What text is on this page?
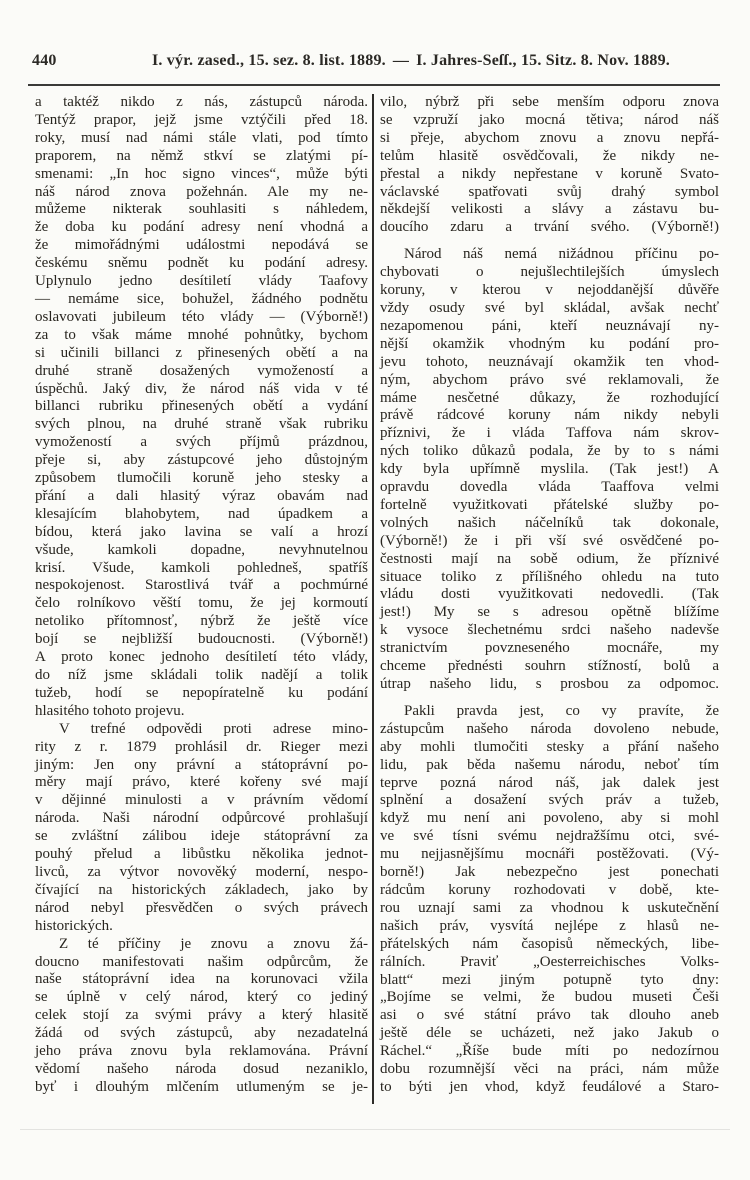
440	I. výr. zased., 15. sez. 8. list. 1889. — I. Jahres-Seſſ., 15. Sitz. 8. Nov. 1889.
a taktéž nikdo z nás, zástupců národa.
Tentýž prapor, jejž jsme vztýčili před 18.
roky, musí nad námi stále vlati, pod tímto
praporem, na němž stkví se zlatými pí-
smenami: „In hoc signo vinces“, může býti
náš národ znova požehnán. Ale my ne-
můžeme nikterak souhlasiti s náhledem,
že doba ku podání adresy není vhodná a
že mimořádnými událostmi nepodává se
českému sněmu podnět ku podání adresy.
Uplynulo jedno desítiletí vlády Taafovy
— nemáme sice, bohužel, žádného podnětu
oslavovati jubileum této vlády — (Výborně!)
za to však máme mnohé pohnůtky, bychom
si učinili billanci z přinesených obětí a na
druhé straně dosažených vymožeností a
úspěchů. Jaký div, že národ náš vida v té
billanci rubriku přinesených obětí a vydání
svých plnou, na druhé straně však rubriku
vymožeností a svých příjmů prázdnou,
přeje si, aby zástupcové jeho důstojným
způsobem tlumočili koruně jeho stesky a
přání a dali hlasitý výraz obavám nad
klesajícím blahobytem, nad úpadkem a
bídou, která jako lavina se valí a hrozí
všude, kamkoli dopadne, nevyhnutelnou
krisí. Všude, kamkoli pohledneš, spatříš
nespokojenost. Starostlivá tvář a pochmúrné
čelo rolníkovo věští tomu, že jej kormoutí
netoliko přítomnosť, nýbrž že ještě více
bojí se nejbližší budoucnosti. (Výborně!)
A proto konec jednoho desítiletí této vlády,
do níž jsme skládali tolik nadějí a tolik
tužeb, hodí se nepopíratelně ku podání
hlasitého tohoto projevu.
V trefné odpovědi proti adrese mino-
rity z r. 1879 prohlásil dr. Rieger mezi
jiným: Jen ony právní a státoprávní po-
měry mají právo, které kořeny své mají
v dějinné minulosti a v právním vědomí
národa. Naši národní odpůrcové prohlašují
se zvláštní zálibou ideje státoprávní za
pouhý přelud a libůstku několika jednot-
livců, za výtvor novověký moderní, nespo-
čívající na historických základech, jako by
národ nebyl přesvědčen o svých právech
historických.
Z té příčiny je znovu a znovu žá-
doucno manifestovati našim odpůrcům, že
naše státoprávní idea na korunovaci vžila
se úplně v celý národ, který co jediný
celek stojí za svými právy a který hlasitě
žádá od svých zástupců, aby nezadatelná
jeho práva znovu byla reklamována. Právní
vědomí našeho národa dosud nezaniklo,
byť i dlouhým mlčením utlumeným se je-
vilo, nýbrž při sebe menším odporu znova
se vzpruží jako mocná tětiva; národ náš
si přeje, abychom znovu a znovu nepřá-
telům hlasitě osvědčovali, že nikdy ne-
přestal a nikdy nepřestane v koruně Svato-
václavské spatřovati svůj drahý symbol
někdejší velikosti a slávy a zástavu bu-
doucího zdaru a trvání svého. (Výborně!)
Národ náš nemá nižádnou příčinu po-
chybovati o nejušlechtilejších úmyslech
koruny, v kterou v nejoddanější důvěře
vždy osudy své byl skládal, avšak nechť
nezapomenou páni, kteří neuznávají ny-
nější okamžik vhodným ku podání pro-
jevu tohoto, neuznávají okamžik ten vhod-
ným, abychom právo své reklamovali, že
máme nesčetné důkazy, že rozhodující
právě rádcové koruny nám nikdy nebyli
příznivi, že i vláda Taffova nám skrov-
ných toliko důkazů podala, že by to s námi
kdy byla upřímně myslila. (Tak jest!) A
opravdu dovedla vláda Taaffova velmi
fortelně využitkovati přátelské služby po-
volných našich náčelníků tak dokonale,
(Výborně!) že i při vší své osvědčené po-
čestnosti mají na sobě odium, že příznivé
situace toliko z přílišného ohledu na tuto
vládu dosti využitkovati nedovedli. (Tak
jest!) My se s adresou opětně blížíme
k vysoce šlechetnému srdci našeho nadevše
stranictvím povzneseného mocnáře, my
chceme přednésti souhrn stížností, bolů a
útrap našeho lidu, s prosbou za odpomoc.
Pakli pravda jest, co vy pravíte, že
zástupcům našeho národa dovoleno nebude,
aby mohli tlumočiti stesky a přání našeho
lidu, pak běda našemu národu, neboť tím
teprve pozná národ náš, jak dalek jest
splnění a dosažení svých práv a tužeb,
když mu není ani povoleno, aby si mohl
ve své tísni svému nejdražšímu otci, své-
mu nejjasnějšímu mocnáři postěžovati. (Vý-
borně!) Jak nebezpečno jest ponechati
rádcům koruny rozhodovati v době, kte-
rou uznají sami za vhodnou k uskutečnění
našich práv, vysvítá nejlépe z hlasů ne-
přátelských nám časopisů německých, libe-
rálních. Praviť „Oesterreichisches Volks-
blatt“ mezi jiným potupně tyto dny:
„Bojíme se velmi, že budou museti Češi
asi o své státní právo tak dlouho aneb
ještě déle se ucházeti, než jako Jakub o
Ráchel.“ „Říše bude míti po nedozírnou
dobu rozumnější věci na práci, nám může
to býti jen vhod, když feudálové a Staro-
